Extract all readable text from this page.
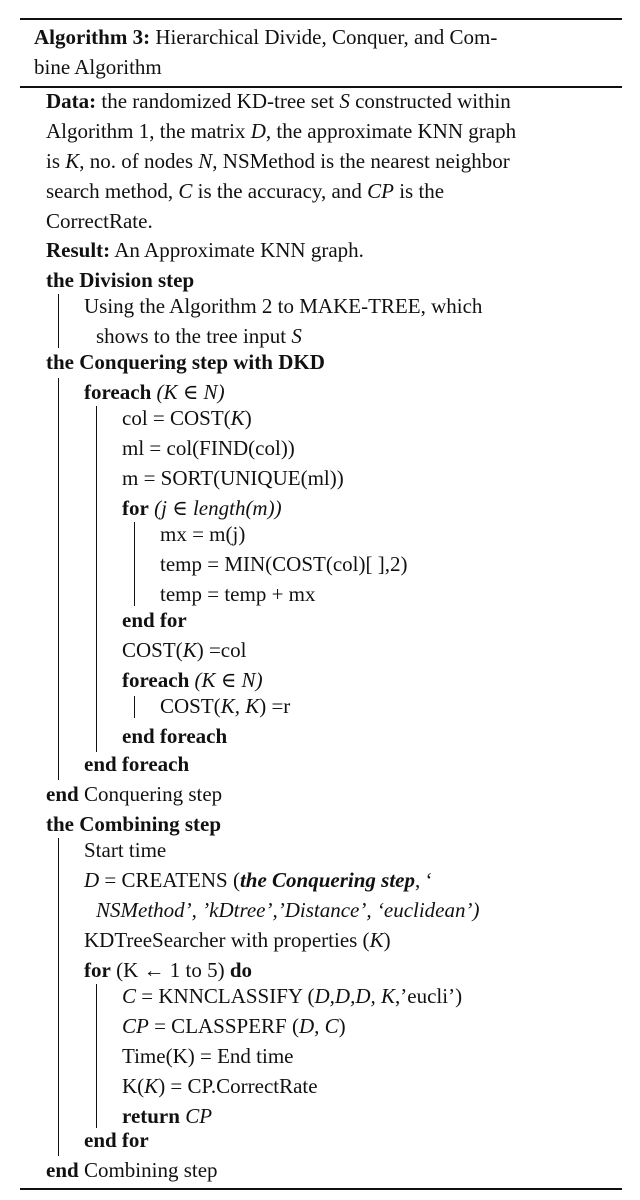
Algorithm 3: Hierarchical Divide, Conquer, and Com-
bine Algorithm
Data: the randomized KD-tree set S constructed within
Algorithm 1, the matrix D, the approximate KNN graph
is K, no. of nodes N, NSMethod is the nearest neighbor
search method, C is the accuracy, and CP is the
CorrectRate.
Result: An Approximate KNN graph.
the Division step
Using the Algorithm 2 to MAKE-TREE, which
shows to the tree input S
the Conquering step with DKD
foreach (K ∈ N)
col = COST(K)
ml = col(FIND(col))
m = SORT(UNIQUE(ml))
for (j ∈ length(m))
mx = m(j)
temp = MIN(COST(col)[ ],2)
temp = temp + mx
end for
COST(K) =col
foreach (K ∈ N)
COST(K, K) =r
end foreach
end foreach
end Conquering step
the Combining step
Start time
D = CREATENS (the Conquering step, ‘
NSMethod’, ’kDtree’,’Distance’, ‘euclidean’)
KDTreeSearcher with properties (K)
for (K ← 1 to 5) do
C = KNNCLASSIFY (D,D,D, K,’eucli’)
CP = CLASSPERF (D, C)
Time(K) = End time
K(K) = CP.CorrectRate
return CP
end for
end Combining step
